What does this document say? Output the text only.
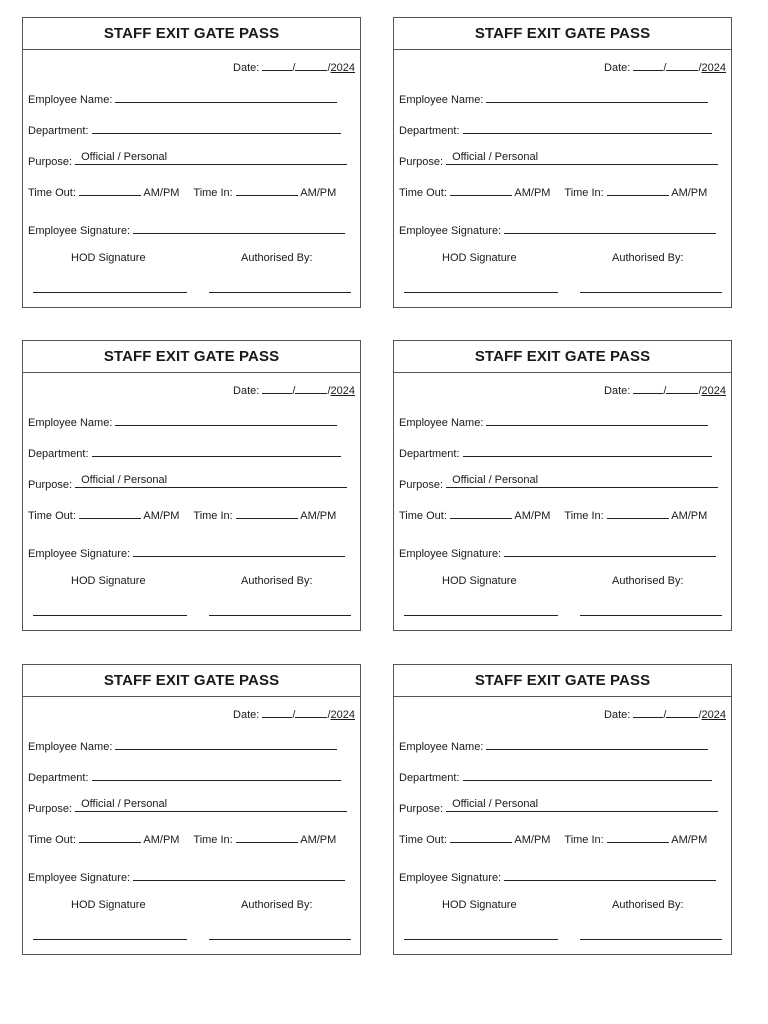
STAFF EXIT GATE PASS
Date:	/	/2024
Employee Name:
Department:
Purpose: Official / Personal
Time Out:	AM/PM Time In:	AM/PM
Employee Signature:
HOD Signature	Authorised By:
STAFF EXIT GATE PASS
Date:	/	/2024
Employee Name:
Department:
Purpose: Official / Personal
Time Out:	AM/PM Time In:	AM/PM
Employee Signature:
HOD Signature	Authorised By:
STAFF EXIT GATE PASS
Date:	/	/2024
Employee Name:
Department:
Purpose: Official / Personal
Time Out:	AM/PM Time In:	AM/PM
Employee Signature:
HOD Signature	Authorised By:
STAFF EXIT GATE PASS
Date:	/	/2024
Employee Name:
Department:
Purpose: Official / Personal
Time Out:	AM/PM Time In:	AM/PM
Employee Signature:
HOD Signature	Authorised By:
STAFF EXIT GATE PASS
Date:	/	/2024
Employee Name:
Department:
Purpose: Official / Personal
Time Out:	AM/PM Time In:	AM/PM
Employee Signature:
HOD Signature	Authorised By:
STAFF EXIT GATE PASS
Date:	/	/2024
Employee Name:
Department:
Purpose: Official / Personal
Time Out:	AM/PM Time In:	AM/PM
Employee Signature:
HOD Signature	Authorised By:
